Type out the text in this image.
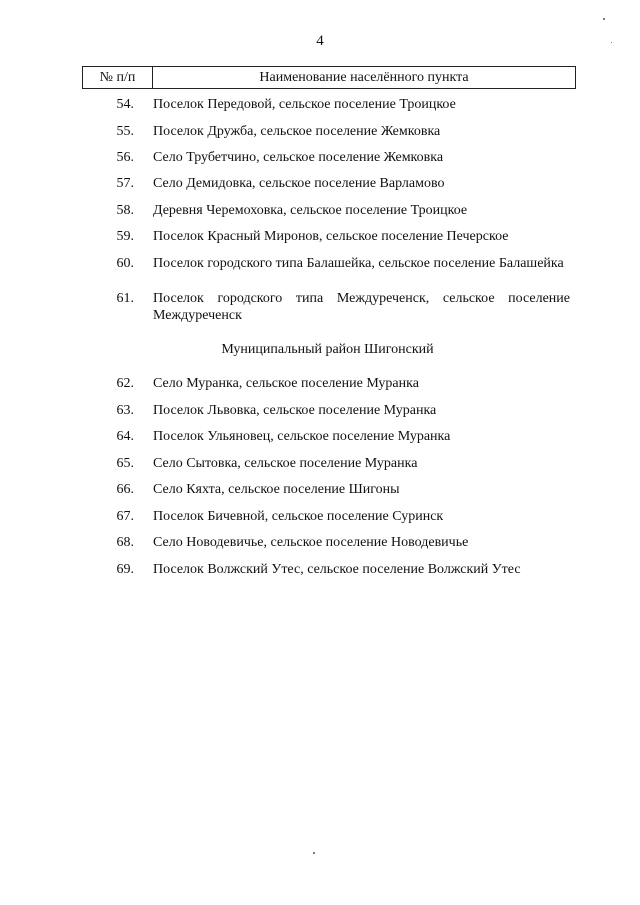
4
№ п/п	Наименование населённого пункта
54. Поселок Передовой, сельское поселение Троицкое
55. Поселок Дружба, сельское поселение Жемковка
56. Село Трубетчино, сельское поселение Жемковка
57. Село Демидовка, сельское поселение Варламово
58. Деревня Черемоховка, сельское поселение Троицкое
59. Поселок Красный Миронов, сельское поселение Печерское
60. Поселок городского типа Балашейка, сельское поселение Балашейка
61. Поселок городского типа Междуреченск, сельское поселение Междуреченск
Муниципальный район Шигонский
62. Село Муранка, сельское поселение Муранка
63. Поселок Львовка, сельское поселение Муранка
64. Поселок Ульяновец, сельское поселение Муранка
65. Село Сытовка, сельское поселение Муранка
66. Село Кяхта, сельское поселение Шигоны
67. Поселок Бичевной, сельское поселение Суринск
68. Село Новодевичье, сельское поселение Новодевичье
69. Поселок Волжский Утес, сельское поселение Волжский Утес
